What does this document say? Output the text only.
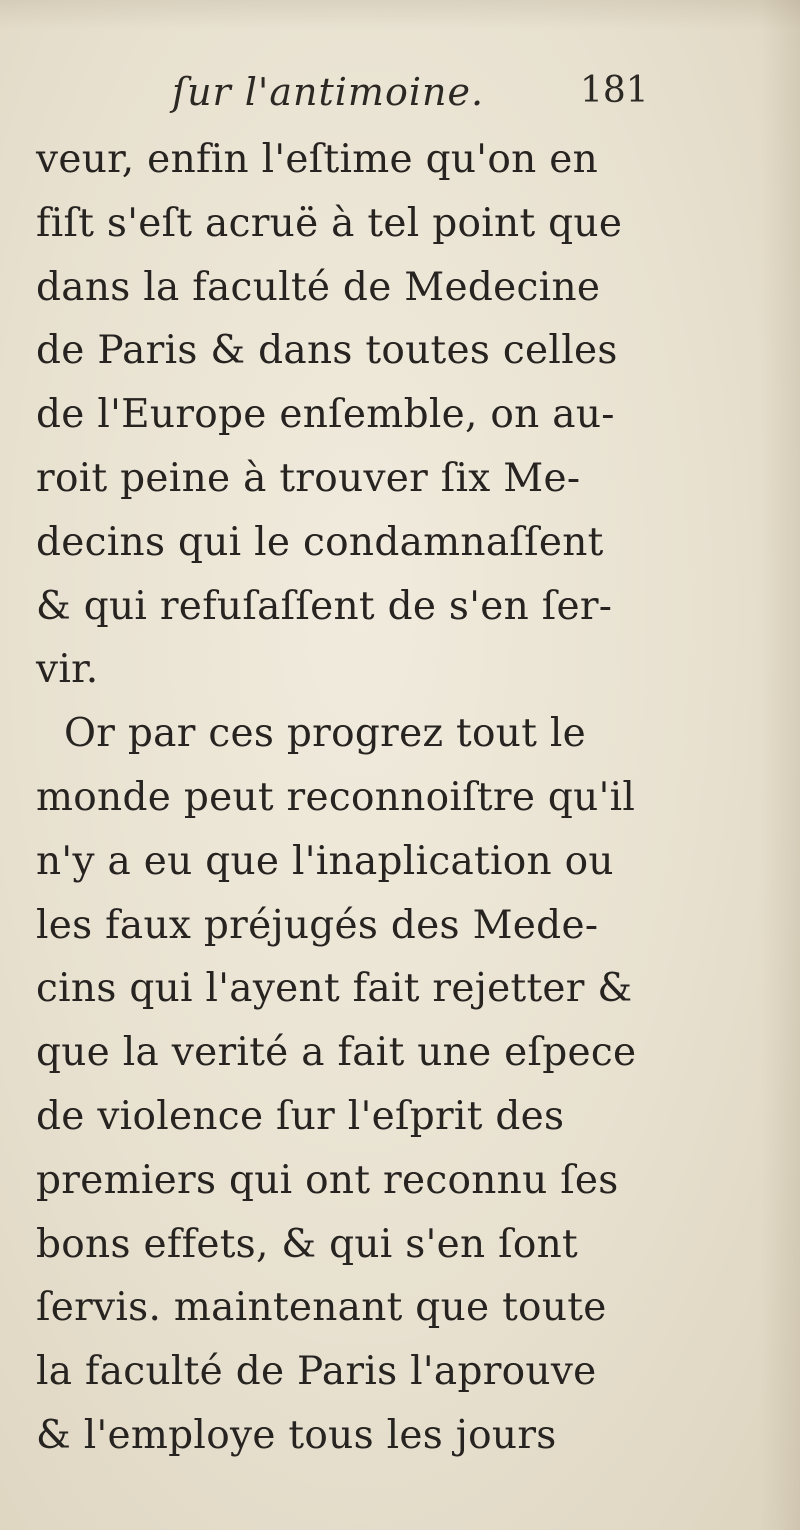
ſur l'antimoine.	181
veur, enfin l'eſtime qu'on en
fiſt s'eſt acruë à tel point que
dans la faculté de Medecine
de Paris & dans toutes celles
de l'Europe enſemble, on au-
roit peine à trouver ſix Me-
decins qui le condamnaſſent
& qui refuſaſſent de s'en ſer-
vir.
Or par ces progrez tout le
monde peut reconnoiſtre qu'il
n'y a eu que l'inaplication ou
les faux préjugés des Mede-
cins qui l'ayent fait rejetter &
que la verité a fait une eſpece
de violence ſur l'eſprit des
premiers qui ont reconnu ſes
bons effets, & qui s'en ſont
ſervis. maintenant que toute
la faculté de Paris l'aprouve
& l'employe tous les jours
